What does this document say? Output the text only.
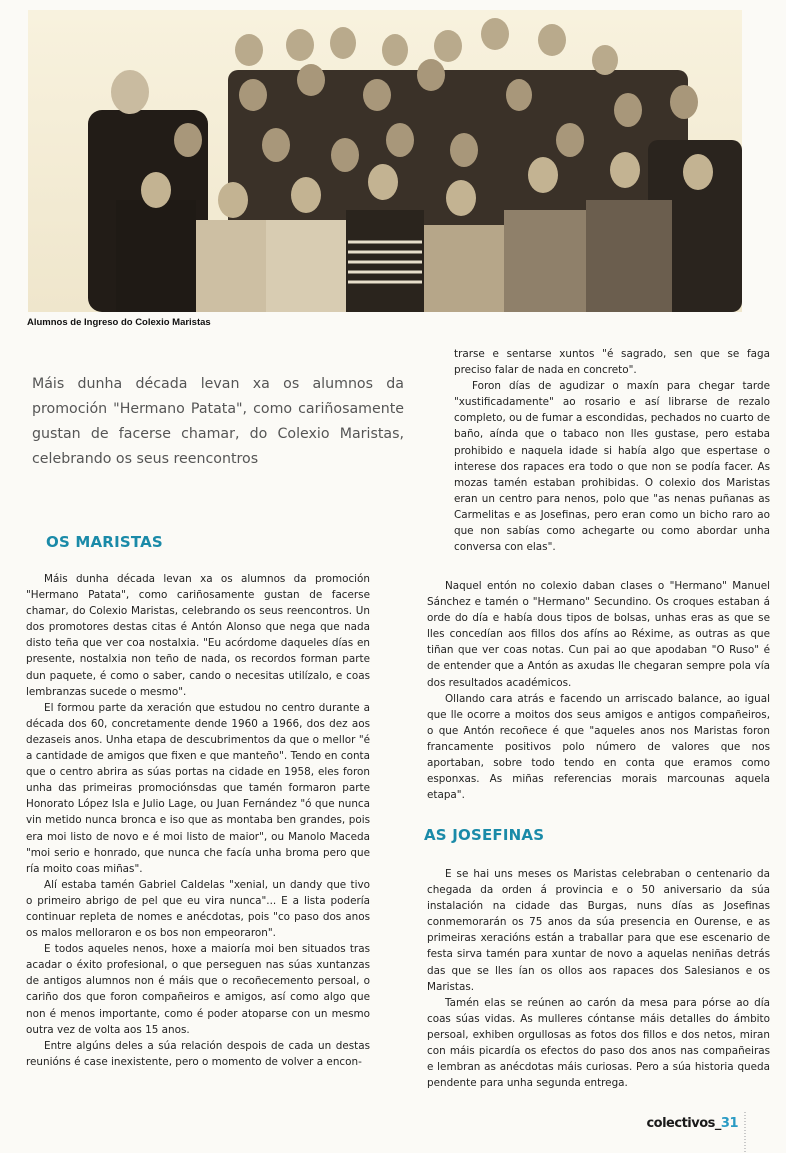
Alumnos de Ingreso do Colexio Maristas
Máis dunha década levan xa os alumnos da promoción "Hermano Patata", como cariñosamente gustan de facerse chamar, do Colexio Maristas, celebrando os seus reencontros
OS MARISTAS

Máis dunha década levan xa os alumnos da promoción "Hermano Patata", como cariñosamente gustan de facerse chamar, do Colexio Maristas, celebrando os seus reencontros. Un dos promotores destas citas é Antón Alonso que nega que nada disto teña que ver coa nostalxia. "Eu acórdome daqueles días en presente, nostalxia non teño de nada, os recordos forman parte dun paquete, é como o saber, cando o necesitas utilízalo, e coas lembranzas sucede o mesmo".

El formou parte da xeración que estudou no centro durante a década dos 60, concretamente dende 1960 a 1966, dos dez aos dezaseis anos. Unha etapa de descubrimentos da que o mellor "é a cantidade de amigos que fixen e que manteño". Tendo en conta que o centro abrira as súas portas na cidade en 1958, eles foron unha das primeiras promociónsdas que tamén formaron parte Honorato López Isla e Julio Lage, ou Juan Fernández "ó que nunca vin metido nunca bronca e iso que as montaba ben grandes, pois era moi listo de novo e é moi listo de maior", ou Manolo Maceda "moi serio e honrado, que nunca che facía unha broma pero que ría moito coas miñas".

Alí estaba tamén Gabriel Caldelas "xenial, un dandy que tivo o primeiro abrigo de pel que eu vira nunca"... E a lista podería continuar repleta de nomes e anécdotas, pois "co paso dos anos os malos melloraron e os bos non empeoraron".

E todos aqueles nenos, hoxe a maioría moi ben situados tras acadar o éxito profesional, o que perseguen nas súas xuntanzas de antigos alumnos non é máis que o recoñecemento persoal, o cariño dos que foron compañeiros e amigos, así como algo que non é menos importante, como é poder atoparse con un mesmo outra vez de volta aos 15 anos.

Entre algúns deles a súa relación despois de cada un destas reunións é case inexistente, pero o momento de volver a encon-

trarse e sentarse xuntos "é sagrado, sen que se faga preciso falar de nada en concreto".

Foron días de agudizar o maxín para chegar tarde "xustificadamente" ao rosario e así librarse de rezalo completo, ou de fumar a escondidas, pechados no cuarto de baño, aínda que o tabaco non lles gustase, pero estaba prohibido e naquela idade si había algo que espertase o interese dos rapaces era todo o que non se podía facer. As mozas tamén estaban prohibidas. O colexio dos Maristas eran un centro para nenos, polo que "as nenas puñanas as Carmelitas e as Josefinas, pero eran como un bicho raro ao que non sabías como achegarte ou como abordar unha conversa con elas".

Naquel entón no colexio daban clases o "Hermano" Manuel Sánchez e tamén o "Hermano" Secundino. Os croques estaban á orde do día e había dous tipos de bolsas, unhas eras as que se lles concedían aos fillos dos afíns ao Réxime, as outras as que tiñan que ver coas notas. Cun pai ao que apodaban "O Ruso" é de entender que a Antón as axudas lle chegaran sempre pola vía dos resultados académicos.

Ollando cara atrás e facendo un arriscado balance, ao igual que lle ocorre a moitos dos seus amigos e antigos compañeiros, o que Antón recoñece é que "aqueles anos nos Maristas foron francamente positivos polo número de valores que nos aportaban, sobre todo tendo en conta que eramos como esponxas. As miñas referencias morais marcounas aquela etapa".

AS JOSEFINAS

E se hai uns meses os Maristas celebraban o centenario da chegada da orden á provincia e o 50 aniversario da súa instalación na cidade das Burgas, nuns días as Josefinas conmemorarán os 75 anos da súa presencia en Ourense, e as primeiras xeracións están a traballar para que ese escenario de festa sirva tamén para xuntar de novo a aquelas neniñas detrás das que se lles ían os ollos aos rapaces dos Salesianos e os Maristas.

Tamén elas se reúnen ao carón da mesa para pórse ao día coas súas vidas. As mulleres cóntanse máis detalles do ámbito persoal, exhiben orgullosas as fotos dos fillos e dos netos, miran con máis picardía os efectos do paso dos anos nas compañeiras e lembran as anécdotas máis curiosas. Pero a súa historia queda pendente para unha segunda entrega.

colectivos_31
